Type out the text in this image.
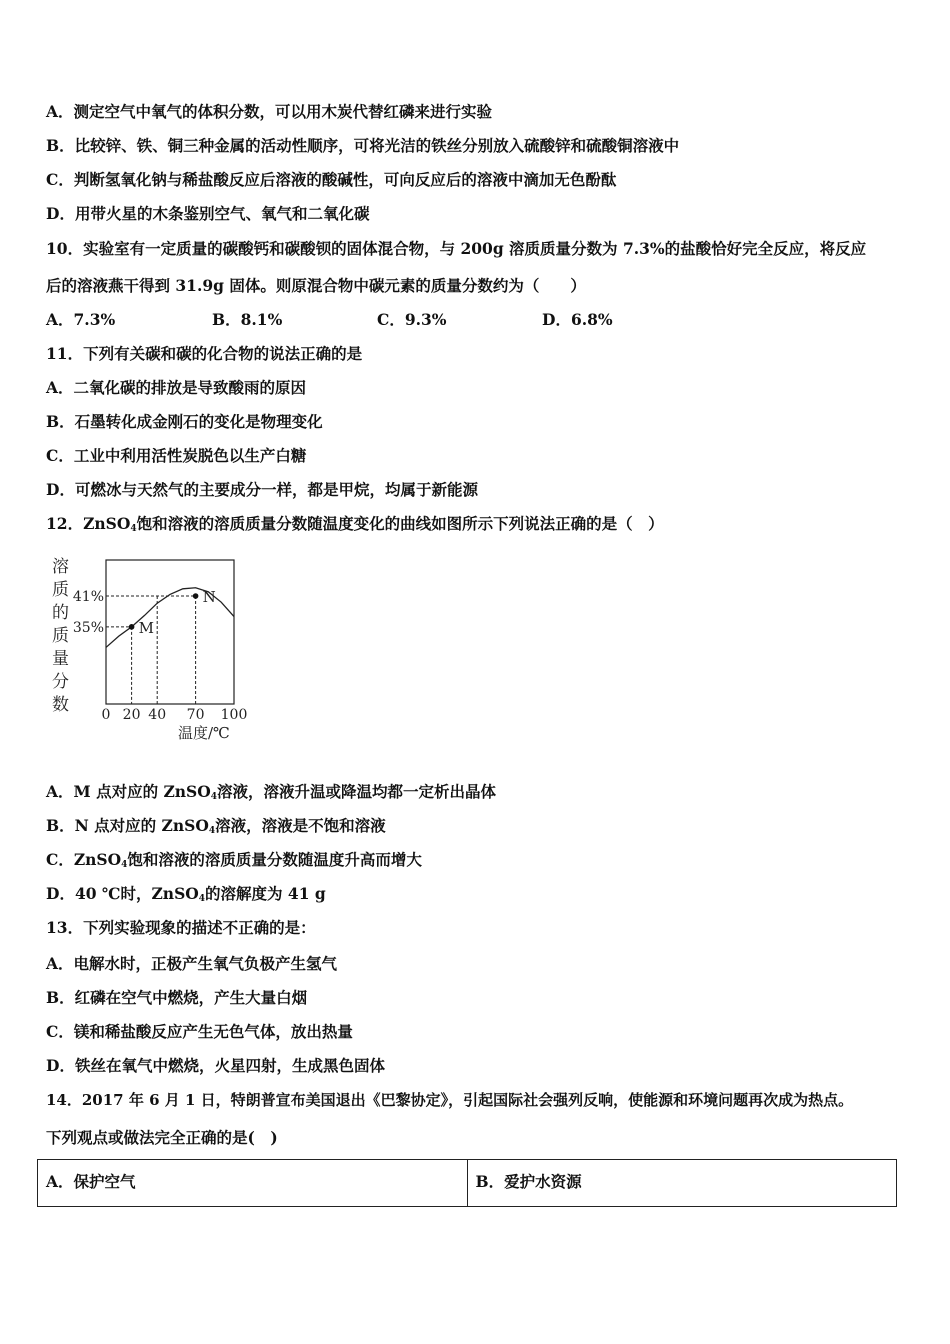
A．测定空气中氧气的体积分数，可以用木炭代替红磷来进行实验
B．比较锌、铁、铜三种金属的活动性顺序，可将光洁的铁丝分别放入硫酸锌和硫酸铜溶液中
C．判断氢氧化钠与稀盐酸反应后溶液的酸碱性，可向反应后的溶液中滴加无色酚酞
D．用带火星的木条鉴别空气、氧气和二氧化碳
10．实验室有一定质量的碳酸钙和碳酸钡的固体混合物，与 200g 溶质质量分数为 7.3%的盐酸恰好完全反应，将反应
后的溶液燕干得到 31.9g 固体。则原混合物中碳元素的质量分数约为（　　）
A．7.3%	B．8.1%	C．9.3%	D．6.8%
11．下列有关碳和碳的化合物的说法正确的是
A．二氧化碳的排放是导致酸雨的原因
B．石墨转化成金刚石的变化是物理变化
C．工业中利用活性炭脱色以生产白糖
D．可燃冰与天然气的主要成分一样，都是甲烷，均属于新能源
12．ZnSO$_4$饱和溶液的溶质质量分数随温度变化的曲线如图所示下列说法正确的是（　）
溶
质
的
质
量
分
数
M
N
0 20 40 70 100
35%
41%
温度/℃
A．M 点对应的 ZnSO$_4$溶液，溶液升温或降温均都一定析出晶体
B．N 点对应的 ZnSO$_4$溶液，溶液是不饱和溶液
C．ZnSO$_4$饱和溶液的溶质质量分数随温度升高而增大
D．40 ℃时，ZnSO$_4$的溶解度为 41 g
13．下列实验现象的描述不正确的是：
A．电解水时，正极产生氧气负极产生氢气
B．红磷在空气中燃烧，产生大量白烟
C．镁和稀盐酸反应产生无色气体，放出热量
D．铁丝在氧气中燃烧，火星四射，生成黑色固体
14．2017 年 6 月 1 日，特朗普宣布美国退出《巴黎协定》，引起国际社会强列反响，使能源和环境问题再次成为热点。
下列观点或做法完全正确的是(　)
A．保护空气	B．爱护水资源
